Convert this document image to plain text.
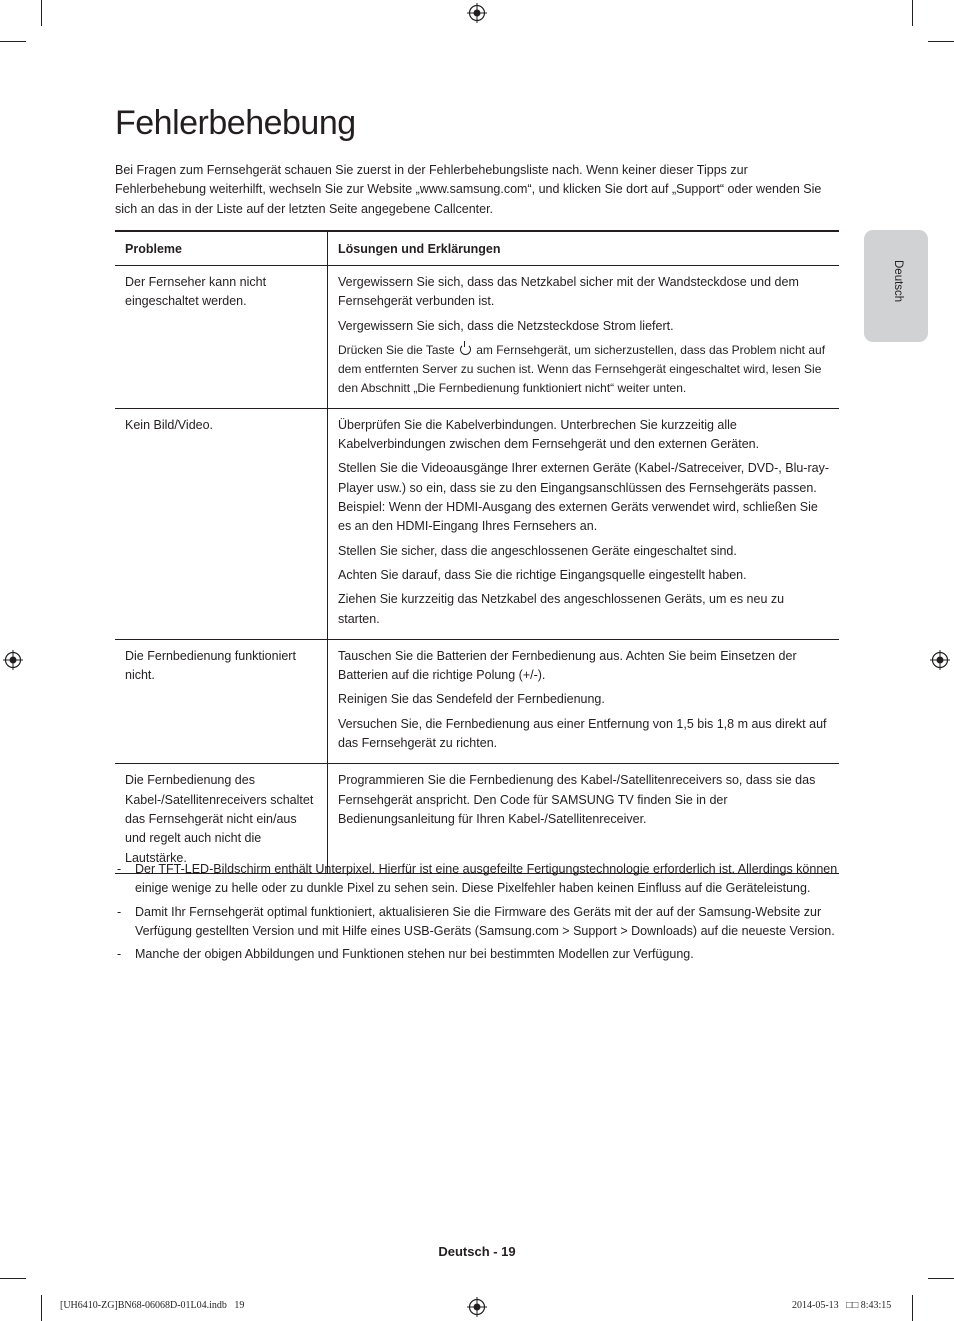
Fehlerbehebung

Bei Fragen zum Fernsehgerät schauen Sie zuerst in der Fehlerbehebungsliste nach. Wenn keiner dieser Tipps zur Fehlerbehebung weiterhilft, wechseln Sie zur Website „www.samsung.com“, und klicken Sie dort auf „Support“ oder wenden Sie sich an das in der Liste auf der letzten Seite angegebene Callcenter.

Deutsch
Probleme	Lösungen und Erklärungen
Der Fernseher kann nicht eingeschaltet werden.	Vergewissern Sie sich, dass das Netzkabel sicher mit der Wandsteckdose und dem Fernsehgerät verbunden ist.

Vergewissern Sie sich, dass die Netzsteckdose Strom liefert.

Drücken Sie die Taste am Fernsehgerät, um sicherzustellen, dass das Problem nicht auf dem entfernten Server zu suchen ist. Wenn das Fernsehgerät eingeschaltet wird, lesen Sie den Abschnitt „Die Fernbedienung funktioniert nicht“ weiter unten.

Kein Bild/Video.	Überprüfen Sie die Kabelverbindungen. Unterbrechen Sie kurzzeitig alle Kabelverbindungen zwischen dem Fernsehgerät und den externen Geräten.

Stellen Sie die Videoausgänge Ihrer externen Geräte (Kabel-/Satreceiver, DVD-, Blu-ray-Player usw.) so ein, dass sie zu den Eingangsanschlüssen des Fernsehgeräts passen. Beispiel: Wenn der HDMI-Ausgang des externen Geräts verwendet wird, schließen Sie es an den HDMI-Eingang Ihres Fernsehers an.

Stellen Sie sicher, dass die angeschlossenen Geräte eingeschaltet sind.

Achten Sie darauf, dass Sie die richtige Eingangsquelle eingestellt haben.

Ziehen Sie kurzzeitig das Netzkabel des angeschlossenen Geräts, um es neu zu starten.

Die Fernbedienung funktioniert nicht.	Tauschen Sie die Batterien der Fernbedienung aus. Achten Sie beim Einsetzen der Batterien auf die richtige Polung (+/-).

Reinigen Sie das Sendefeld der Fernbedienung.

Versuchen Sie, die Fernbedienung aus einer Entfernung von 1,5 bis 1,8 m aus direkt auf das Fernsehgerät zu richten.

Die Fernbedienung des Kabel-/Satellitenreceivers schaltet das Fernsehgerät nicht ein/aus und regelt auch nicht die Lautstärke.	Programmieren Sie die Fernbedienung des Kabel-/Satellitenreceivers so, dass sie das Fernsehgerät anspricht. Den Code für SAMSUNG TV finden Sie in der Bedienungsanleitung für Ihren Kabel-/Satellitenreceiver.

- Der TFT-LED-Bildschirm enthält Unterpixel. Hierfür ist eine ausgefeilte Fertigungstechnologie erforderlich ist. Allerdings können einige wenige zu helle oder zu dunkle Pixel zu sehen sein. Diese Pixelfehler haben keinen Einfluss auf die Geräteleistung.
- Damit Ihr Fernsehgerät optimal funktioniert, aktualisieren Sie die Firmware des Geräts mit der auf der Samsung-Website zur Verfügung gestellten Version und mit Hilfe eines USB-Geräts (Samsung.com > Support > Downloads) auf die neueste Version.
- Manche der obigen Abbildungen und Funktionen stehen nur bei bestimmten Modellen zur Verfügung.
Deutsch - 19
[UH6410-ZG]BN68-06068D-01L04.indb   19	2014-05-13   □□ 8:43:15
